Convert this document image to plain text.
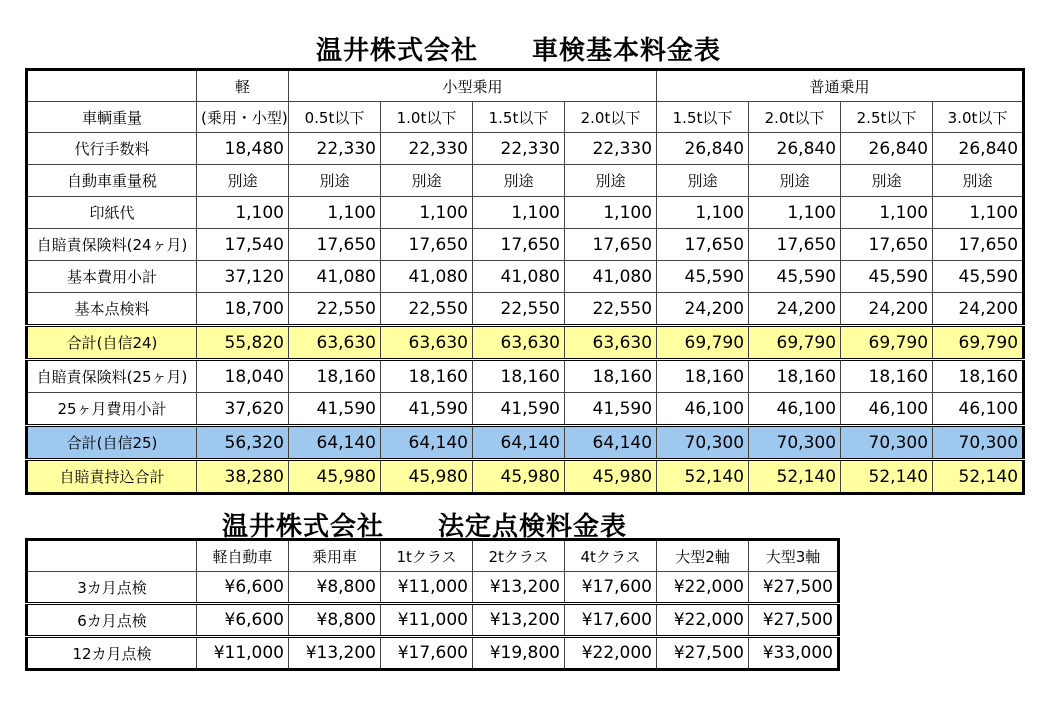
温井株式会社　　車検基本料金表
	軽	小型乗用				普通乗用			
車輌重量	(乗用・小型)	0.5t以下	1.0t以下	1.5t以下	2.0t以下	1.5t以下	2.0t以下	2.5t以下	3.0t以下
代行手数料	18,480	22,330	22,330	22,330	22,330	26,840	26,840	26,840	26,840
自動車重量税	別途	別途	別途	別途	別途	別途	別途	別途	別途
印紙代	1,100	1,100	1,100	1,100	1,100	1,100	1,100	1,100	1,100
自賠責保険料(24ヶ月)	17,540	17,650	17,650	17,650	17,650	17,650	17,650	17,650	17,650
基本費用小計	37,120	41,080	41,080	41,080	41,080	45,590	45,590	45,590	45,590
基本点検料	18,700	22,550	22,550	22,550	22,550	24,200	24,200	24,200	24,200
合計(自信24)	55,820	63,630	63,630	63,630	63,630	69,790	69,790	69,790	69,790
自賠責保険料(25ヶ月)	18,040	18,160	18,160	18,160	18,160	18,160	18,160	18,160	18,160
25ヶ月費用小計	37,620	41,590	41,590	41,590	41,590	46,100	46,100	46,100	46,100
合計(自信25)	56,320	64,140	64,140	64,140	64,140	70,300	70,300	70,300	70,300
自賠責持込合計	38,280	45,980	45,980	45,980	45,980	52,140	52,140	52,140	52,140
温井株式会社　　法定点検料金表
	軽自動車	乗用車	1tクラス	2tクラス	4tクラス	大型2軸	大型3軸
3カ月点検	¥6,600	¥8,800	¥11,000	¥13,200	¥17,600	¥22,000	¥27,500
6カ月点検	¥6,600	¥8,800	¥11,000	¥13,200	¥17,600	¥22,000	¥27,500
12カ月点検	¥11,000	¥13,200	¥17,600	¥19,800	¥22,000	¥27,500	¥33,000
